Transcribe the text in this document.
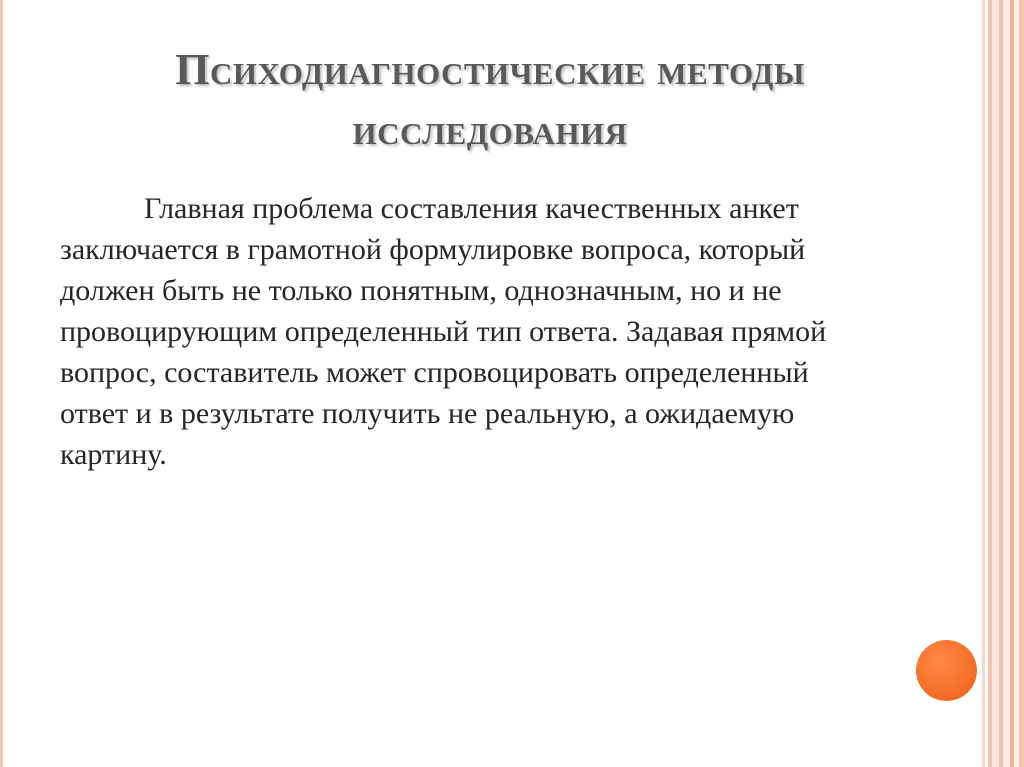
Психодиагностические методы
исследования

Главная проблема составления качественных анкет заключается в грамотной формулировке вопроса, который должен быть не только понятным, однозначным, но и не провоцирующим определенный тип ответа. Задавая прямой вопрос, составитель может спровоцировать определенный ответ и в результате получить не реальную, а ожидаемую картину.
